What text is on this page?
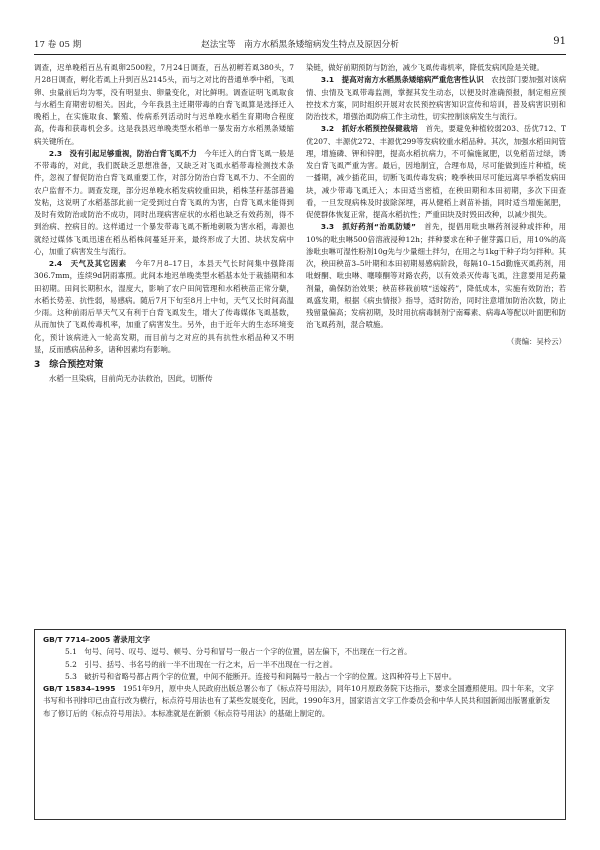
17 卷 05 期	赵法宝等　南方水稻黑条矮缩病发生特点及原因分析	91

调查，迟单晚稻百丛有虱卵2500粒，7月24日调查，百丛初孵若虱380头，7月28日调查，孵化若虱上升到百丛2145头，而与之对比的普通单季中稻，飞虱卵、虫量前后均为零，没有明显虫、卵量变化，对比鲜明。调查证明飞虱取食与水稻生育期密切相关。因此，今年我县主迁期带毒的白背飞虱算是选择迁入晚稻上，在实施取食、繁殖、传病系列活动时与迟单晚水稻生育期吻合程度高，传毒和获毒机会多。这是我县迟单晚类型水稻单一暴发南方水稻黑条矮缩病关键所在。

2.3　没有引起足够重视，防治白背飞虱不力　 今年迁入的白背飞虱一般是不带毒的，对此，我们既缺乏思想准备，又缺乏对飞虱水稻带毒检测技术条件，忽视了督促防治白背飞虱重要工作，对部分防治白背飞虱不力、不全面的农户监督不力。调查发现，部分迟单晚水稻发病较重田块，稻株茎秆基部普遍发粘，这说明了水稻基部此前一定受到过白背飞虱的为害，白背飞虱未能得到及时有效防治或防治不成功，同时出现病害症状的水稻也缺乏有效药剂，得不到治病、控病目的。这样通过一个暴发带毒飞虱不断地刺吸为害水稻，毒源也就经过媒体飞虱迅速在稻丛稻株间蔓延开来，最终形成了大团、块状发病中心，加重了病害发生与流行。

2.4　天气及其它因素　 今年7月8–17日，本县天气长时间集中强降雨306.7mm，连续9d阴雨寡照。此间本地迟单晚类型水稻基本处于栽插期和本田初期。田间长期积水，湿度大，影响了农户田间管理和水稻秧苗正常分蘖，水稻长势差、抗性弱，易感病。随后7月下旬至8月上中旬，天气又长时间高温少雨。这种前雨后旱天气又有利于白背飞虱发生，增大了传毒媒体飞虱基数，从而加快了飞虱传毒机率，加重了病害发生。另外，由于近年大的生态环境变化，预计该病进入一轮高发期，而目前与之对应的具有抗性水稻品种又不明显，反而感病品种多，诸种因素均有影响。

3　综合预控对策

水稻一旦染病，目前尚无办法救治，因此，切断传

染链，做好前期预防与防治，减少飞虱传毒机率，降低发病风险是关键。

3.1　提高对南方水稻黑条矮缩病严重危害性认识　 农技部门要加强对该病情、虫情及飞虱带毒监测，掌握其发生动态，以便及时准确预报，制定相应预控技术方案，同时组织开展对农民预控病害知识宣传和培训，普及病害识别和防治技术，增强治虱防病工作主动性，切实控制该病发生与流行。

3.2　抓好水稻预控保健栽培　 首先，要避免种植较弱203、岳优712、T优207、丰源优272、丰源优299等发病较重水稻品种。其次，加强水稻田间管理，增施磷、钾和锌肥，提高水稻抗病力，不可偏施氮肥，以免稻苗过绿，诱发白背飞虱严重为害。最后，因地制宜，合理布局，尽可能做到连片种植，统一播期，减少插花田，切断飞虱传毒发病；晚季秧田尽可能远离早季稻发病田块，减少带毒飞虱迁入；本田适当密植，在秧田期和本田初期，多次下田查看，一旦发现病株及时拔除深埋，再从健稻上剥苗补插，同时适当增施氮肥，促使群体恢复正常，提高水稻抗性；严重田块及时毁田改种，以减少损失。

3.3　抓好药剂“治虱防矮”　 首先，提倡用吡虫啉药剂浸种或拌种，用10%的吡虫啉500倍溶液浸种12h；拌种要求在种子催芽露口后，用10%的高渗吡虫啉可湿性粉剂10g先与少量细土拌匀，在用之与1kg干种子均匀拌种。其次，秧田秧苗3–5叶期和本田初期易感病阶段，每隔10–15d勤施灭虱药剂，用吡蚜酮、吡虫啉、噻嗪酮等对路农药，以有效杀灭传毒飞虱，注意要用足药量剂量，确保防治效果；秧苗移栽前喷“送嫁药”，降低成本，实施有效防治；若虱盛发期，根据《病虫情报》指导，适时防治，同时注意增加防治次数，防止残留量偏高；发病初期，及时用抗病毒制剂宁南霉素、病毒A等配以叶面肥和防治飞虱药剂，混合喷施。

（责编：吴柃云）

GB/T 7714–2005 著录用文字

5.1　句号、问号、叹号、逗号、顿号、分号和冒号一般占一个字的位置，居左偏下，不出现在一行之首。

5.2　引号、括号、书名号的前一半不出现在一行之末，后一半不出现在一行之首。

5.3　破折号和省略号都占两个字的位置，中间不能断开。连接号和间隔号一般占一个字的位置。这四种符号上下居中。

GB/T 15834–1995　 1951年9月，原中央人民政府出版总署公布了《标点符号用法》，同年10月原政务院下达指示，要求全国遵照使用。四十年来，文字书写和书刊排印已由直行改为横行，标点符号用法也有了某些发展变化，因此，1990年3月，国家语言文字工作委员会和中华人民共和国新闻出版署重新发布了修订后的《标点符号用法》。本标准就是在新颁《标点符号用法》的基础上制定的。
